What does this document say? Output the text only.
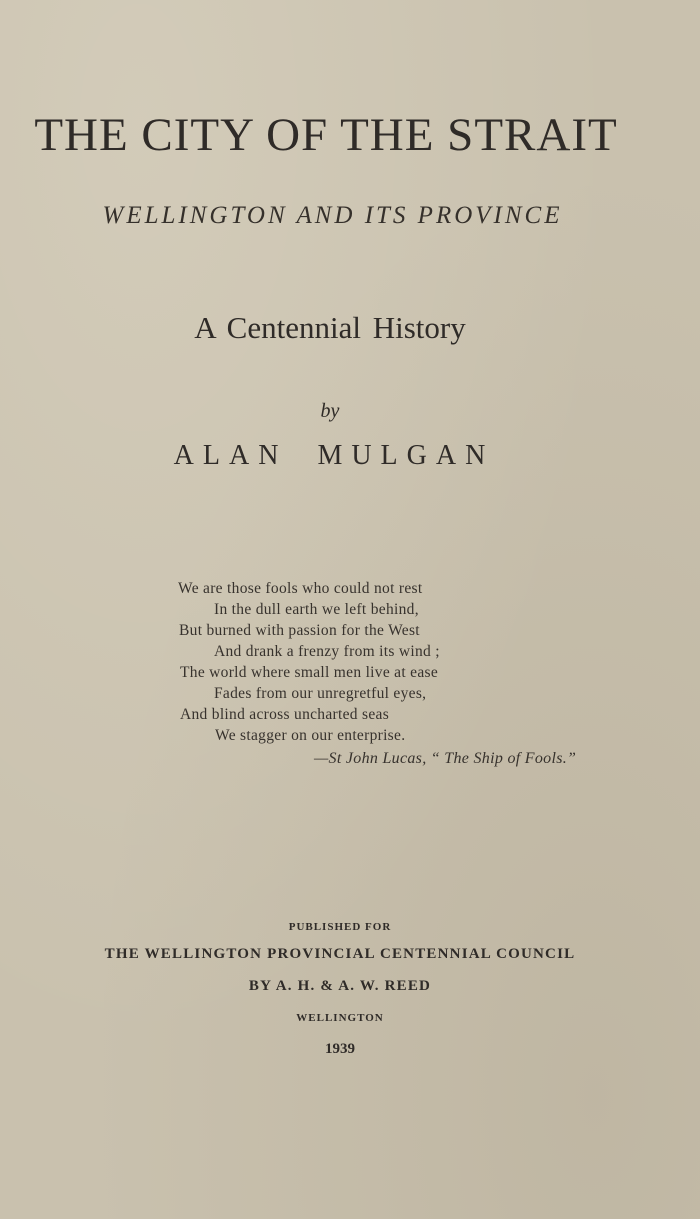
THE CITY OF THE STRAIT
WELLINGTON AND ITS PROVINCE
A Centennial History
by
ALAN MULGAN
We are those fools who could not rest
In the dull earth we left behind,
But burned with passion for the West
And drank a frenzy from its wind ;
The world where small men live at ease
Fades from our unregretful eyes,
And blind across uncharted seas
We stagger on our enterprise.
—St John Lucas, “ The Ship of Fools.”
PUBLISHED FOR
THE WELLINGTON PROVINCIAL CENTENNIAL COUNCIL
BY A. H. & A. W. REED
WELLINGTON
1939
